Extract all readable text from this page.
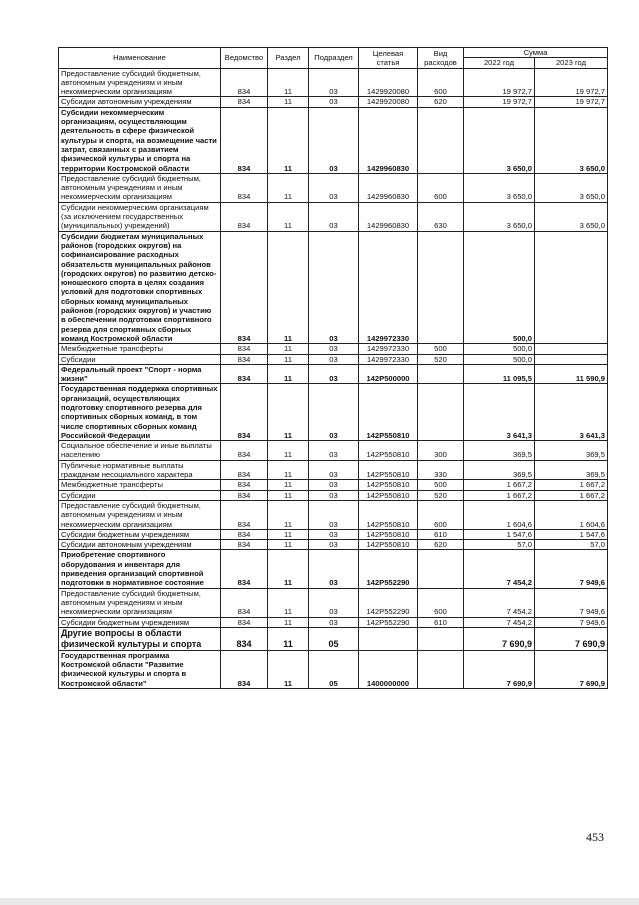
Наименование	Ведомство	Раздел	Подраздел	Целевая статья	Вид расходов	Сумма	
						2022 год	2023 год
Предоставление субсидий бюджетным, автономным учреждениям и иным некоммерческим организациям	834	11	03	1429920080	600	19 972,7	19 972,7
Субсидии автономным учреждениям	834	11	03	1429920080	620	19 972,7	19 972,7
Субсидии некоммерческим организациям, осуществляющим деятельность в сфере физической культуры и спорта, на возмещение части затрат, связанных с развитием физической культуры и спорта на территории Костромской области	834	11	03	1429960830		3 650,0	3 650,0
Предоставление субсидий бюджетным, автономным учреждениям и иным некоммерческим организациям	834	11	03	1429960830	600	3 650,0	3 650,0
Субсидии некоммерческим организациям (за исключением государственных (муниципальных) учреждений)	834	11	03	1429960830	630	3 650,0	3 650,0
Субсидии бюджетам муниципальных районов (городских округов) на софинансирование расходных обязательств муниципальных районов (городских округов) по развитию детско-юношеского спорта в целях создания условий для подготовки спортивных сборных команд муниципальных районов (городских округов) и участию в обеспечении подготовки спортивного резерва для спортивных сборных команд Костромской области	834	11	03	1429972330		500,0	
Межбюджетные трансферты	834	11	03	1429972330	500	500,0	
Субсидии	834	11	03	1429972330	520	500,0	
Федеральный проект "Спорт - норма жизни"	834	11	03	142P500000		11 095,5	11 590,9
Государственная поддержка спортивных организаций, осуществляющих подготовку спортивного резерва для спортивных сборных команд, в том числе спортивных сборных команд Российской Федерации	834	11	03	142P550810		3 641,3	3 641,3
Социальное обеспечение и иные выплаты населению	834	11	03	142P550810	300	369,5	369,5
Публичные нормативные выплаты гражданам несоциального характера	834	11	03	142P550810	330	369,5	369,5
Межбюджетные трансферты	834	11	03	142P550810	500	1 667,2	1 667,2
Субсидии	834	11	03	142P550810	520	1 667,2	1 667,2
Предоставление субсидий бюджетным, автономным учреждениям и иным некоммерческим организациям	834	11	03	142P550810	600	1 604,6	1 604,6
Субсидии бюджетным учреждениям	834	11	03	142P550810	610	1 547,6	1 547,6
Субсидии автономным учреждениям	834	11	03	142P550810	620	57,0	57,0
Приобретение спортивного оборудования и инвентаря для приведения организаций спортивной подготовки в нормативное состояние	834	11	03	142P552290		7 454,2	7 949,6
Предоставление субсидий бюджетным, автономным учреждениям и иным некоммерческим организациям	834	11	03	142P552290	600	7 454,2	7 949,6
Субсидии бюджетным учреждениям	834	11	03	142P552290	610	7 454,2	7 949,6
Другие вопросы в области физической культуры и спорта	834	11	05			7 690,9	7 690,9
Государственная программа Костромской области "Развитие физической культуры и спорта в Костромской области"	834	11	05	1400000000		7 690,9	7 690,9
453
